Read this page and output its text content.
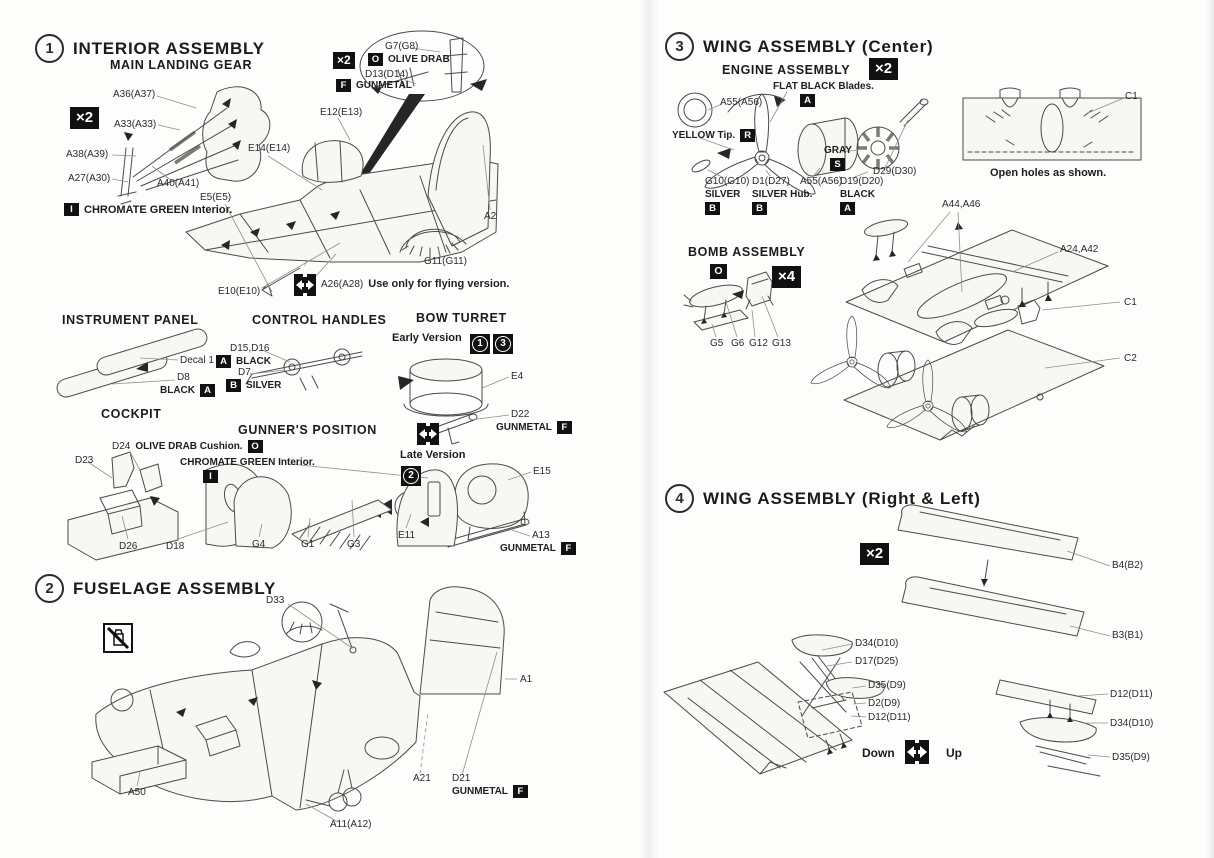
1	INTERIOR ASSEMBLY
2	FUSELAGE ASSEMBLY
3	WING ASSEMBLY (Center)
4	WING ASSEMBLY (Right & Left)
MAIN LANDING GEAR
×2
A36(A37)
A33(A33)
A38(A39)
A27(A30)	A40(A41)
I	CHROMATE GREEN Interior.
×2
G7(G8)
O OLIVE DRAB
D13(D14)
F GUNMETAL
E12(E13)
E14(E14)
E5(E5)
E10(E10)
G11(G11)
A2
A26(A28) Use only for flying version.
INSTRUMENT PANEL
Decal 1
D8
BLACK A
CONTROL HANDLES
D15,D16
A BLACK
D7
B SILVER
BOW TURRET
Early Version	1	3
E4
D22
GUNMETAL	F
Late Version
2	E15
E11	A13
GUNMETAL	F
COCKPIT
D24 OLIVE DRAB Cushion. O
D23	CHROMATE GREEN Interior.
I
D26	D18
GUNNER'S POSITION
G4	G1	G3
D33
A1
A50
A11(A12)
A21 D21
GUNMETAL	F
ENGINE ASSEMBLY	×2
A55(A56)
FLAT BLACK Blades.
A
YELLOW Tip. R
GRAY
S
D29(D30)
G10(G10)
SILVER
B
D1(D27)
SILVER Hub.
B
A55(A56)
D19(D20)
BLACK
A
C1
Open holes as shown.
BOMB ASSEMBLY
O	×4
G5 G6 G12 G13
A44,A46
A24,A42
C1
C2
×2
B4(B2)
B3(B1)
D12(D11)
D34(D10)
D35(D9)
D34(D10)
D17(D25)
D35(D9)
D2(D9)
D12(D11)
Down	Up
